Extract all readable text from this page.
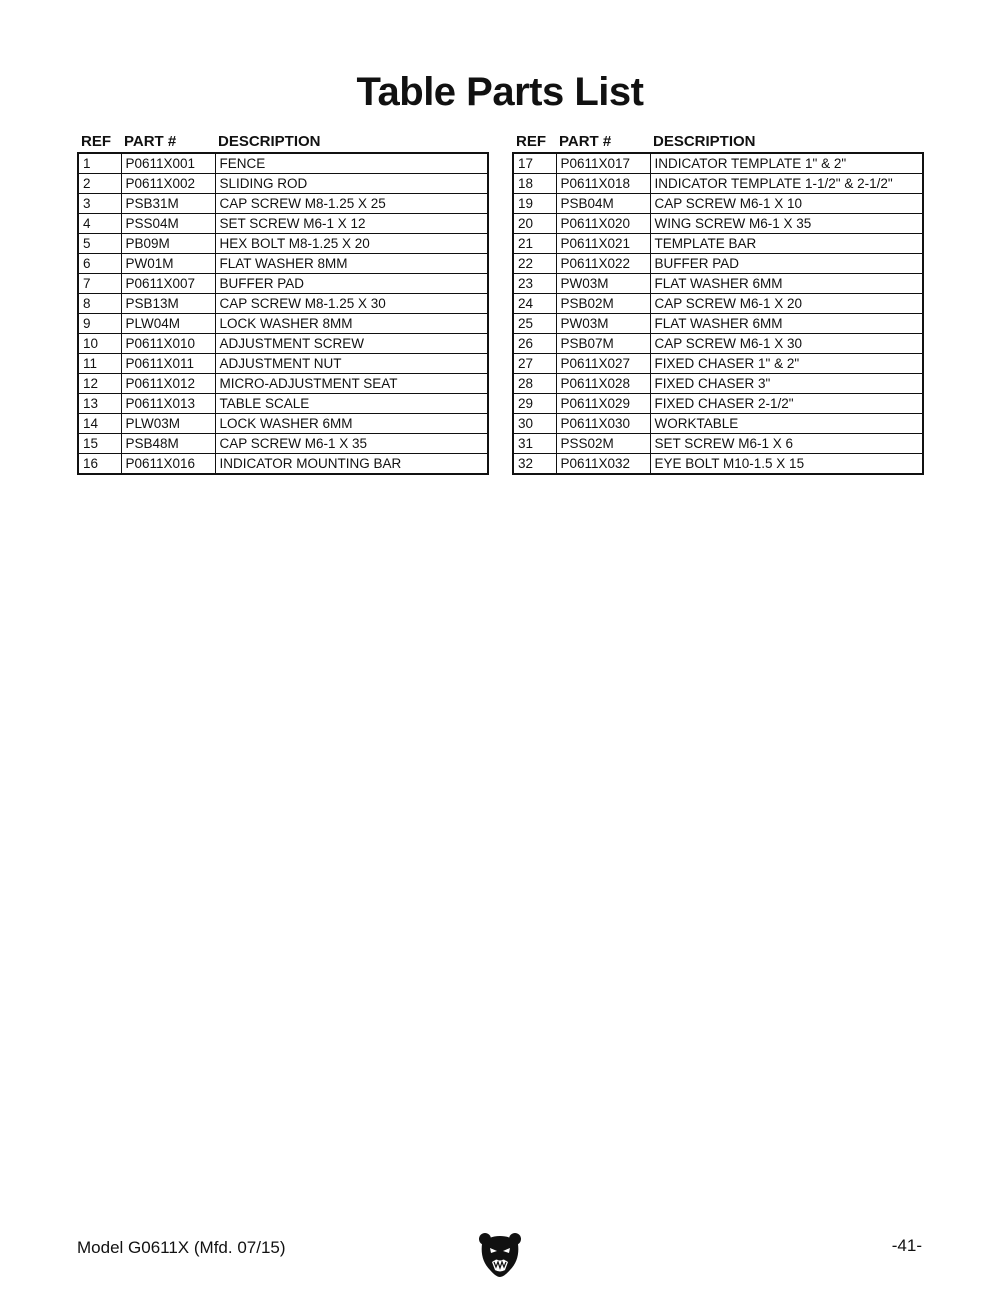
Table Parts List
REF PART #	DESCRIPTION
1	P0611X001	FENCE
2	P0611X002	SLIDING ROD
3	PSB31M	CAP SCREW M8-1.25 X 25
4	PSS04M	SET SCREW M6-1 X 12
5	PB09M	HEX BOLT M8-1.25 X 20
6	PW01M	FLAT WASHER 8MM
7	P0611X007	BUFFER PAD
8	PSB13M	CAP SCREW M8-1.25 X 30
9	PLW04M	LOCK WASHER 8MM
10	P0611X010	ADJUSTMENT SCREW
11	P0611X011	ADJUSTMENT NUT
12	P0611X012	MICRO-ADJUSTMENT SEAT
13	P0611X013	TABLE SCALE
14	PLW03M	LOCK WASHER 6MM
15	PSB48M	CAP SCREW M6-1 X 35
16	P0611X016	INDICATOR MOUNTING BAR
REF PART #	DESCRIPTION
17	P0611X017	INDICATOR TEMPLATE 1" & 2"
18	P0611X018	INDICATOR TEMPLATE 1-1/2" & 2-1/2"
19	PSB04M	CAP SCREW M6-1 X 10
20	P0611X020	WING SCREW M6-1 X 35
21	P0611X021	TEMPLATE BAR
22	P0611X022	BUFFER PAD
23	PW03M	FLAT WASHER 6MM
24	PSB02M	CAP SCREW M6-1 X 20
25	PW03M	FLAT WASHER 6MM
26	PSB07M	CAP SCREW M6-1 X 30
27	P0611X027	FIXED CHASER 1" & 2"
28	P0611X028	FIXED CHASER 3"
29	P0611X029	FIXED CHASER 2-1/2"
30	P0611X030	WORKTABLE
31	PSS02M	SET SCREW M6-1 X 6
32	P0611X032	EYE BOLT M10-1.5 X 15
Model G0611X (Mfd. 07/15)	-41-
